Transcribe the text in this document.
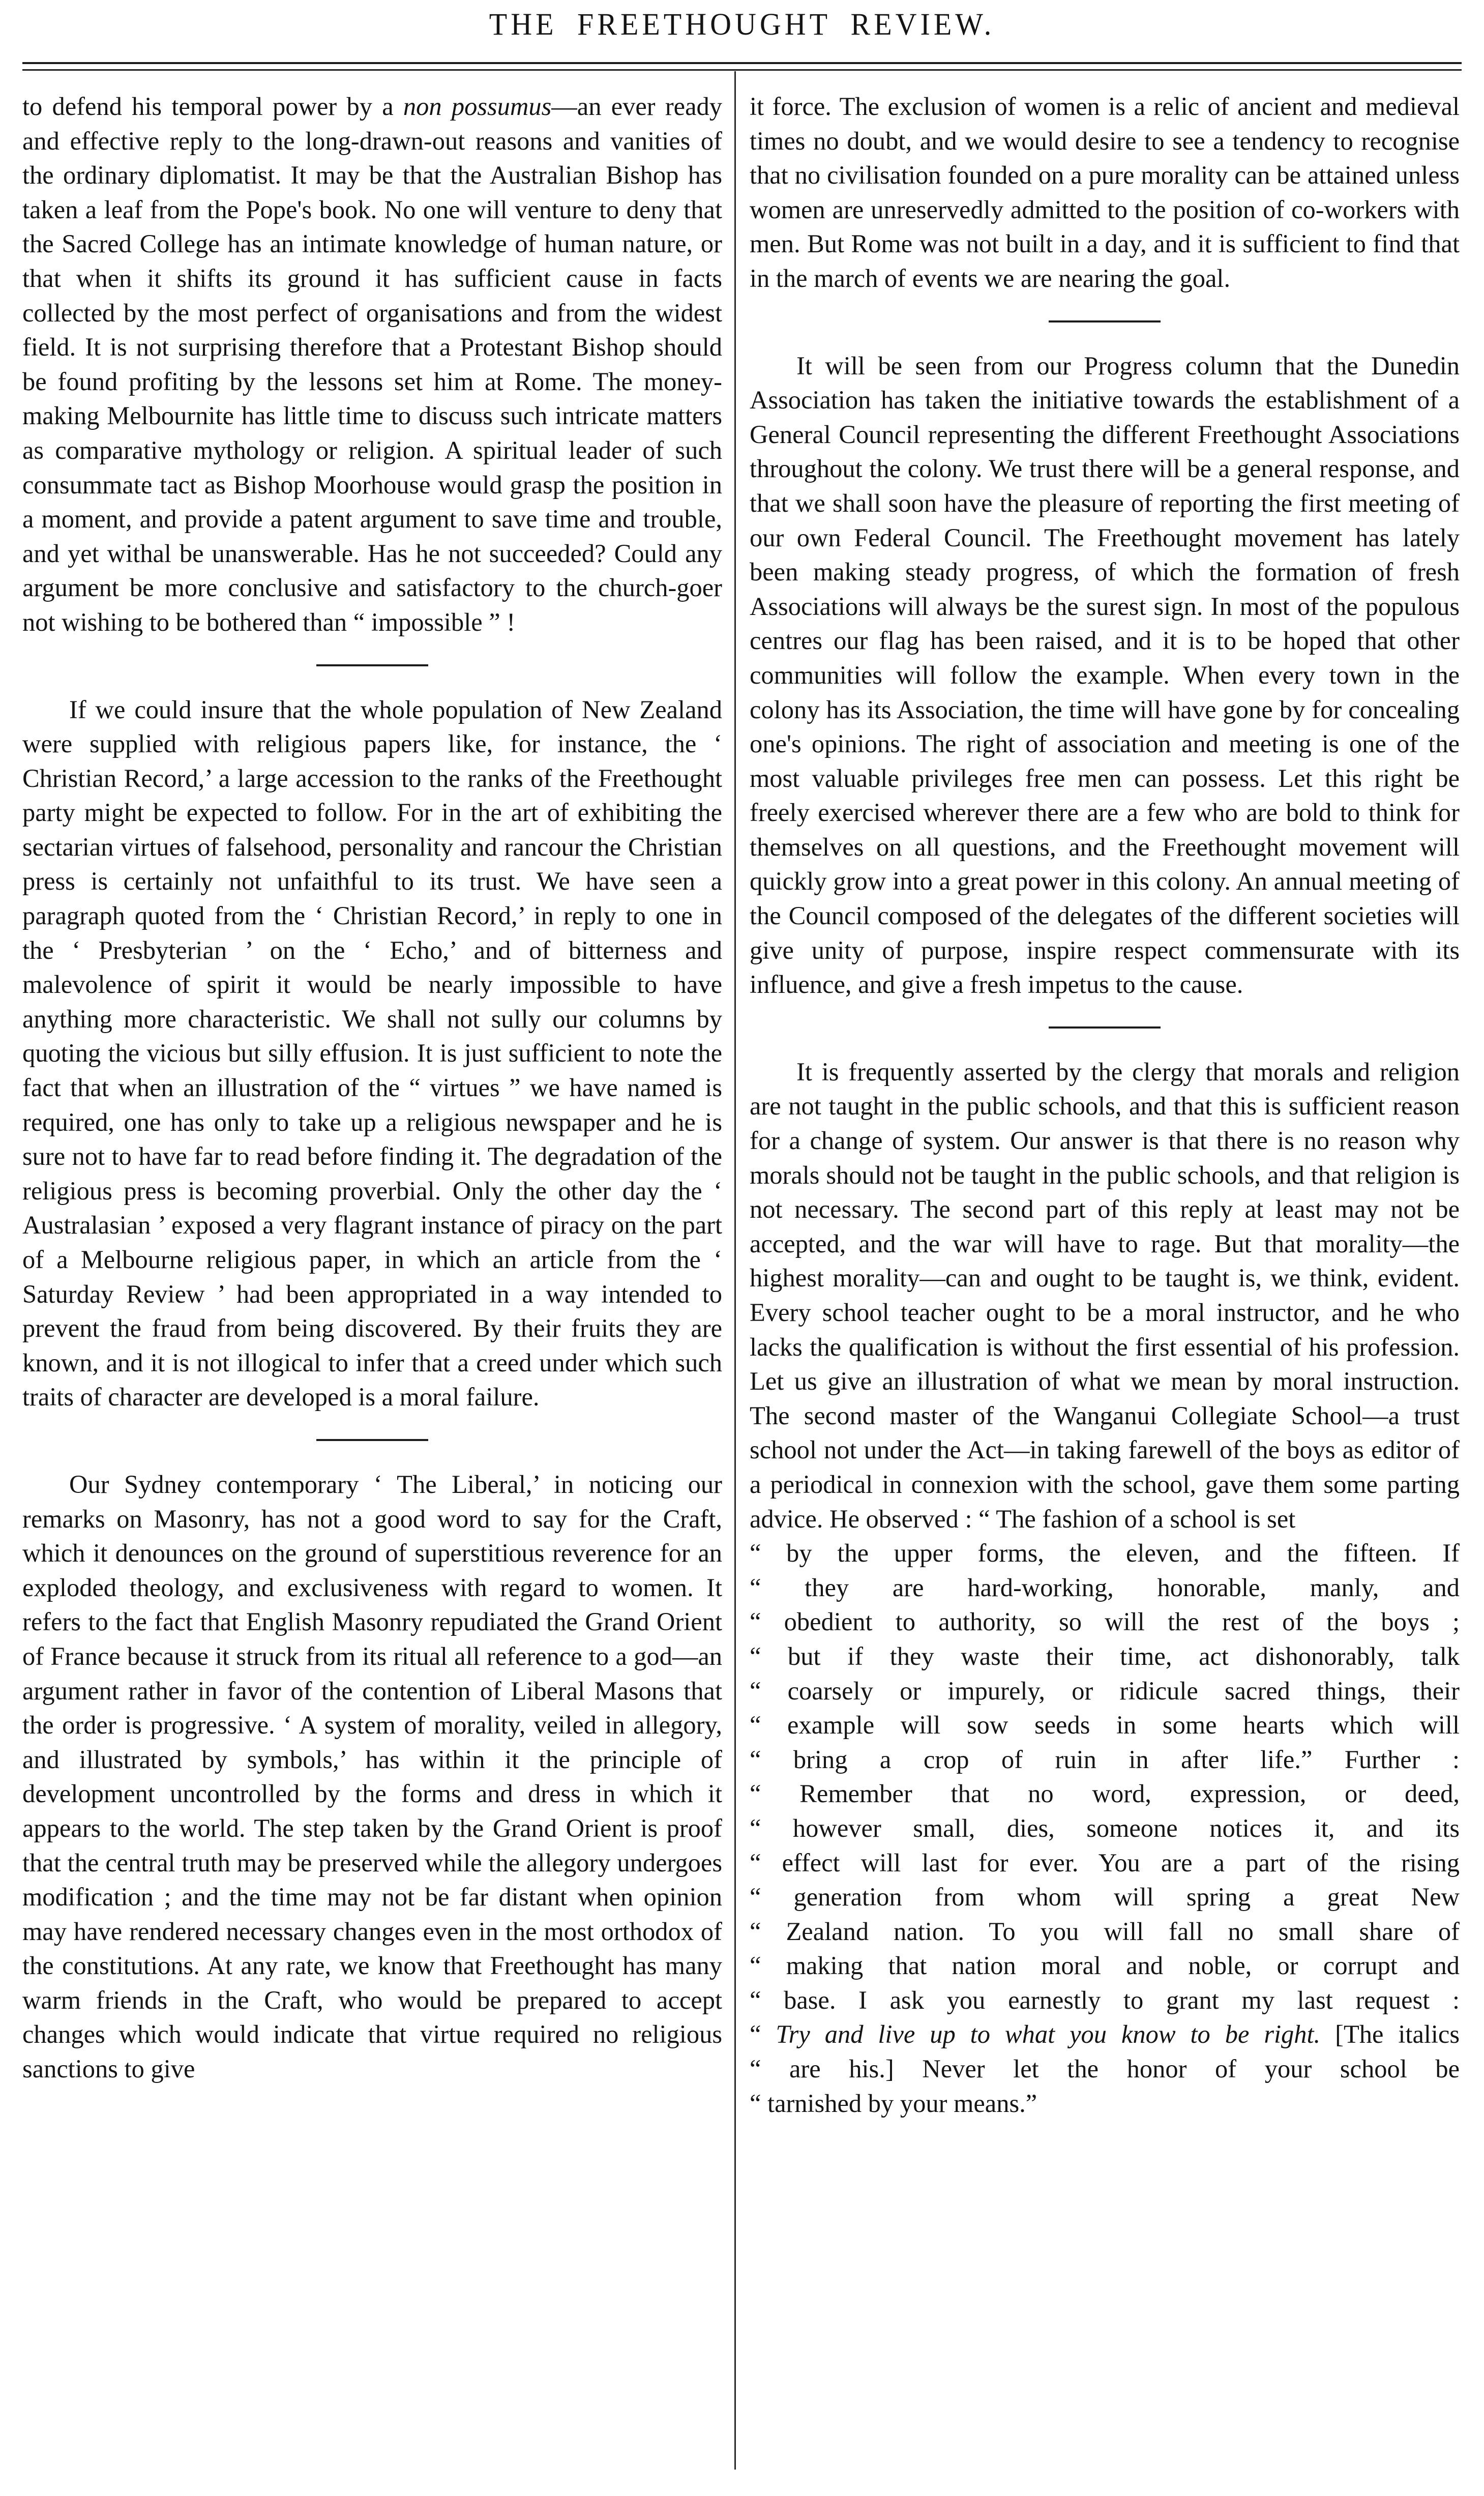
THE FREETHOUGHT REVIEW.

to defend his temporal power by a non possumus—an ever ready and effective reply to the long-drawn-out reasons and vanities of the ordinary diplomatist. It may be that the Australian Bishop has taken a leaf from the Pope's book. No one will venture to deny that the Sacred College has an intimate knowledge of human nature, or that when it shifts its ground it has sufficient cause in facts collected by the most perfect of organisations and from the widest field. It is not surprising therefore that a Protestant Bishop should be found profiting by the lessons set him at Rome. The money-making Melbournite has little time to discuss such intricate matters as comparative mythology or religion. A spiritual leader of such consummate tact as Bishop Moorhouse would grasp the position in a moment, and provide a patent argument to save time and trouble, and yet withal be unanswerable. Has he not succeeded? Could any argument be more conclusive and satisfactory to the church-goer not wishing to be bothered than “ impossible ” !

If we could insure that the whole population of New Zealand were supplied with religious papers like, for instance, the ‘ Christian Record,’ a large accession to the ranks of the Freethought party might be expected to follow. For in the art of exhibiting the sectarian virtues of falsehood, personality and rancour the Christian press is certainly not unfaithful to its trust. We have seen a paragraph quoted from the ‘ Christian Record,’ in reply to one in the ‘ Presbyterian ’ on the ‘ Echo,’ and of bitterness and malevolence of spirit it would be nearly impossible to have anything more characteristic. We shall not sully our columns by quoting the vicious but silly effusion. It is just sufficient to note the fact that when an illustration of the “ virtues ” we have named is required, one has only to take up a religious newspaper and he is sure not to have far to read before finding it. The degradation of the religious press is becoming proverbial. Only the other day the ‘ Australasian ’ exposed a very flagrant instance of piracy on the part of a Melbourne religious paper, in which an article from the ‘ Saturday Review ’ had been appropriated in a way intended to prevent the fraud from being discovered. By their fruits they are known, and it is not illogical to infer that a creed under which such traits of character are developed is a moral failure.

Our Sydney contemporary ‘ The Liberal,’ in noticing our remarks on Masonry, has not a good word to say for the Craft, which it denounces on the ground of superstitious reverence for an exploded theology, and exclusiveness with regard to women. It refers to the fact that English Masonry repudiated the Grand Orient of France because it struck from its ritual all reference to a god—an argument rather in favor of the contention of Liberal Masons that the order is progressive. ‘ A system of morality, veiled in allegory, and illustrated by symbols,’ has within it the principle of development uncontrolled by the forms and dress in which it appears to the world. The step taken by the Grand Orient is proof that the central truth may be preserved while the allegory undergoes modification ; and the time may not be far distant when opinion may have rendered necessary changes even in the most orthodox of the constitutions. At any rate, we know that Freethought has many warm friends in the Craft, who would be prepared to accept changes which would indicate that virtue required no religious sanctions to give

it force. The exclusion of women is a relic of ancient and medieval times no doubt, and we would desire to see a tendency to recognise that no civilisation founded on a pure morality can be attained unless women are unreservedly admitted to the position of co-workers with men. But Rome was not built in a day, and it is sufficient to find that in the march of events we are nearing the goal.

It will be seen from our Progress column that the Dunedin Association has taken the initiative towards the establishment of a General Council representing the different Freethought Associations throughout the colony. We trust there will be a general response, and that we shall soon have the pleasure of reporting the first meeting of our own Federal Council. The Freethought movement has lately been making steady progress, of which the formation of fresh Associations will always be the surest sign. In most of the populous centres our flag has been raised, and it is to be hoped that other communities will follow the example. When every town in the colony has its Association, the time will have gone by for concealing one's opinions. The right of association and meeting is one of the most valuable privileges free men can possess. Let this right be freely exercised wherever there are a few who are bold to think for themselves on all questions, and the Freethought movement will quickly grow into a great power in this colony. An annual meeting of the Council composed of the delegates of the different societies will give unity of purpose, inspire respect commensurate with its influence, and give a fresh impetus to the cause.

It is frequently asserted by the clergy that morals and religion are not taught in the public schools, and that this is sufficient reason for a change of system. Our answer is that there is no reason why morals should not be taught in the public schools, and that religion is not necessary. The second part of this reply at least may not be accepted, and the war will have to rage. But that morality—the highest morality—can and ought to be taught is, we think, evident. Every school teacher ought to be a moral instructor, and he who lacks the qualification is without the first essential of his profession. Let us give an illustration of what we mean by moral instruction. The second master of the Wanganui Collegiate School—a trust school not under the Act—in taking farewell of the boys as editor of a periodical in connexion with the school, gave them some parting advice. He observed : “ The fashion of a school is set

“ by the upper forms, the eleven, and the fifteen. If

“ they are hard-working, honorable, manly, and

“ obedient to authority, so will the rest of the boys ;

“ but if they waste their time, act dishonorably, talk

“ coarsely or impurely, or ridicule sacred things, their

“ example will sow seeds in some hearts which will

“ bring a crop of ruin in after life.” Further :

“ Remember that no word, expression, or deed,

“ however small, dies, someone notices it, and its

“ effect will last for ever. You are a part of the rising

“ generation from whom will spring a great New

“ Zealand nation. To you will fall no small share of

“ making that nation moral and noble, or corrupt and

“ base. I ask you earnestly to grant my last request :

“ Try and live up to what you know to be right. [The italics

“ are his.] Never let the honor of your school be

“ tarnished by your means.”
